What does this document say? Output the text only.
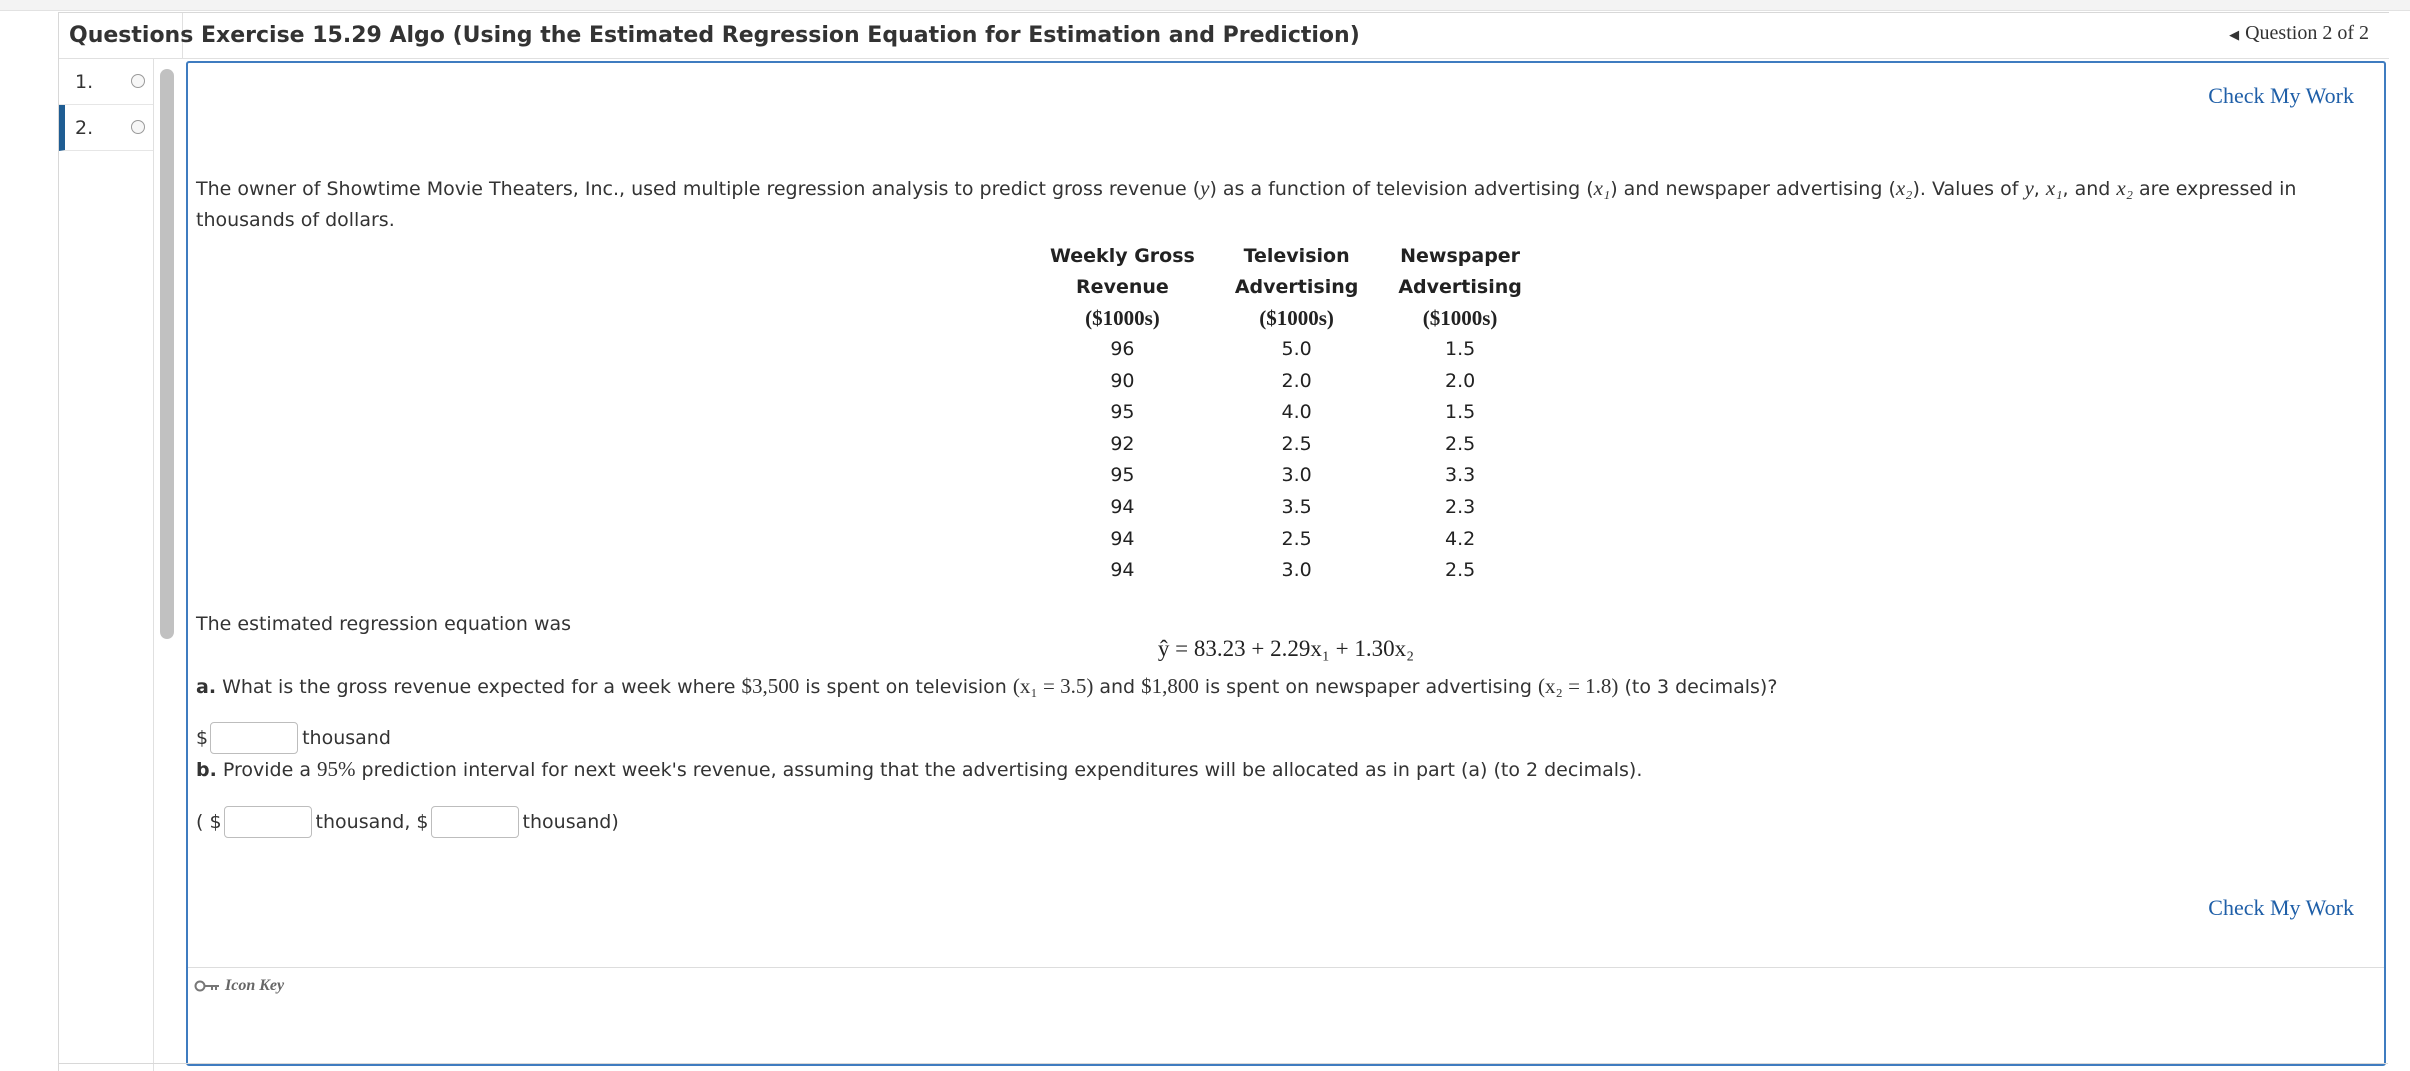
Questions Exercise 15.29 Algo (Using the Estimated Regression Equation for Estimation and Prediction)	◀ Question 2 of 2
1.
2.
Check My Work
The owner of Showtime Movie Theaters, Inc., used multiple regression analysis to predict gross revenue (y) as a function of television advertising (x₁) and newspaper advertising (x₂). Values of y, x₁, and x₂ are expressed in thousands of dollars.
Weekly Gross	Television	Newspaper
Revenue	Advertising	Advertising
($1000s)	($1000s)	($1000s)
96	5.0	1.5
90	2.0	2.0
95	4.0	1.5
92	2.5	2.5
95	3.0	3.3
94	3.5	2.3
94	2.5	4.2
94	3.0	2.5
The estimated regression equation was
ŷ = 83.23 + 2.29x₁ + 1.30x₂
a. What is the gross revenue expected for a week where $3,500 is spent on television (x₁ = 3.5) and $1,800 is spent on newspaper advertising (x₂ = 1.8) (to 3 decimals)?
$	thousand
b. Provide a 95% prediction interval for next week's revenue, assuming that the advertising expenditures will be allocated as in part (a) (to 2 decimals).
( $	thousand, $	thousand)
Check My Work
Icon Key
